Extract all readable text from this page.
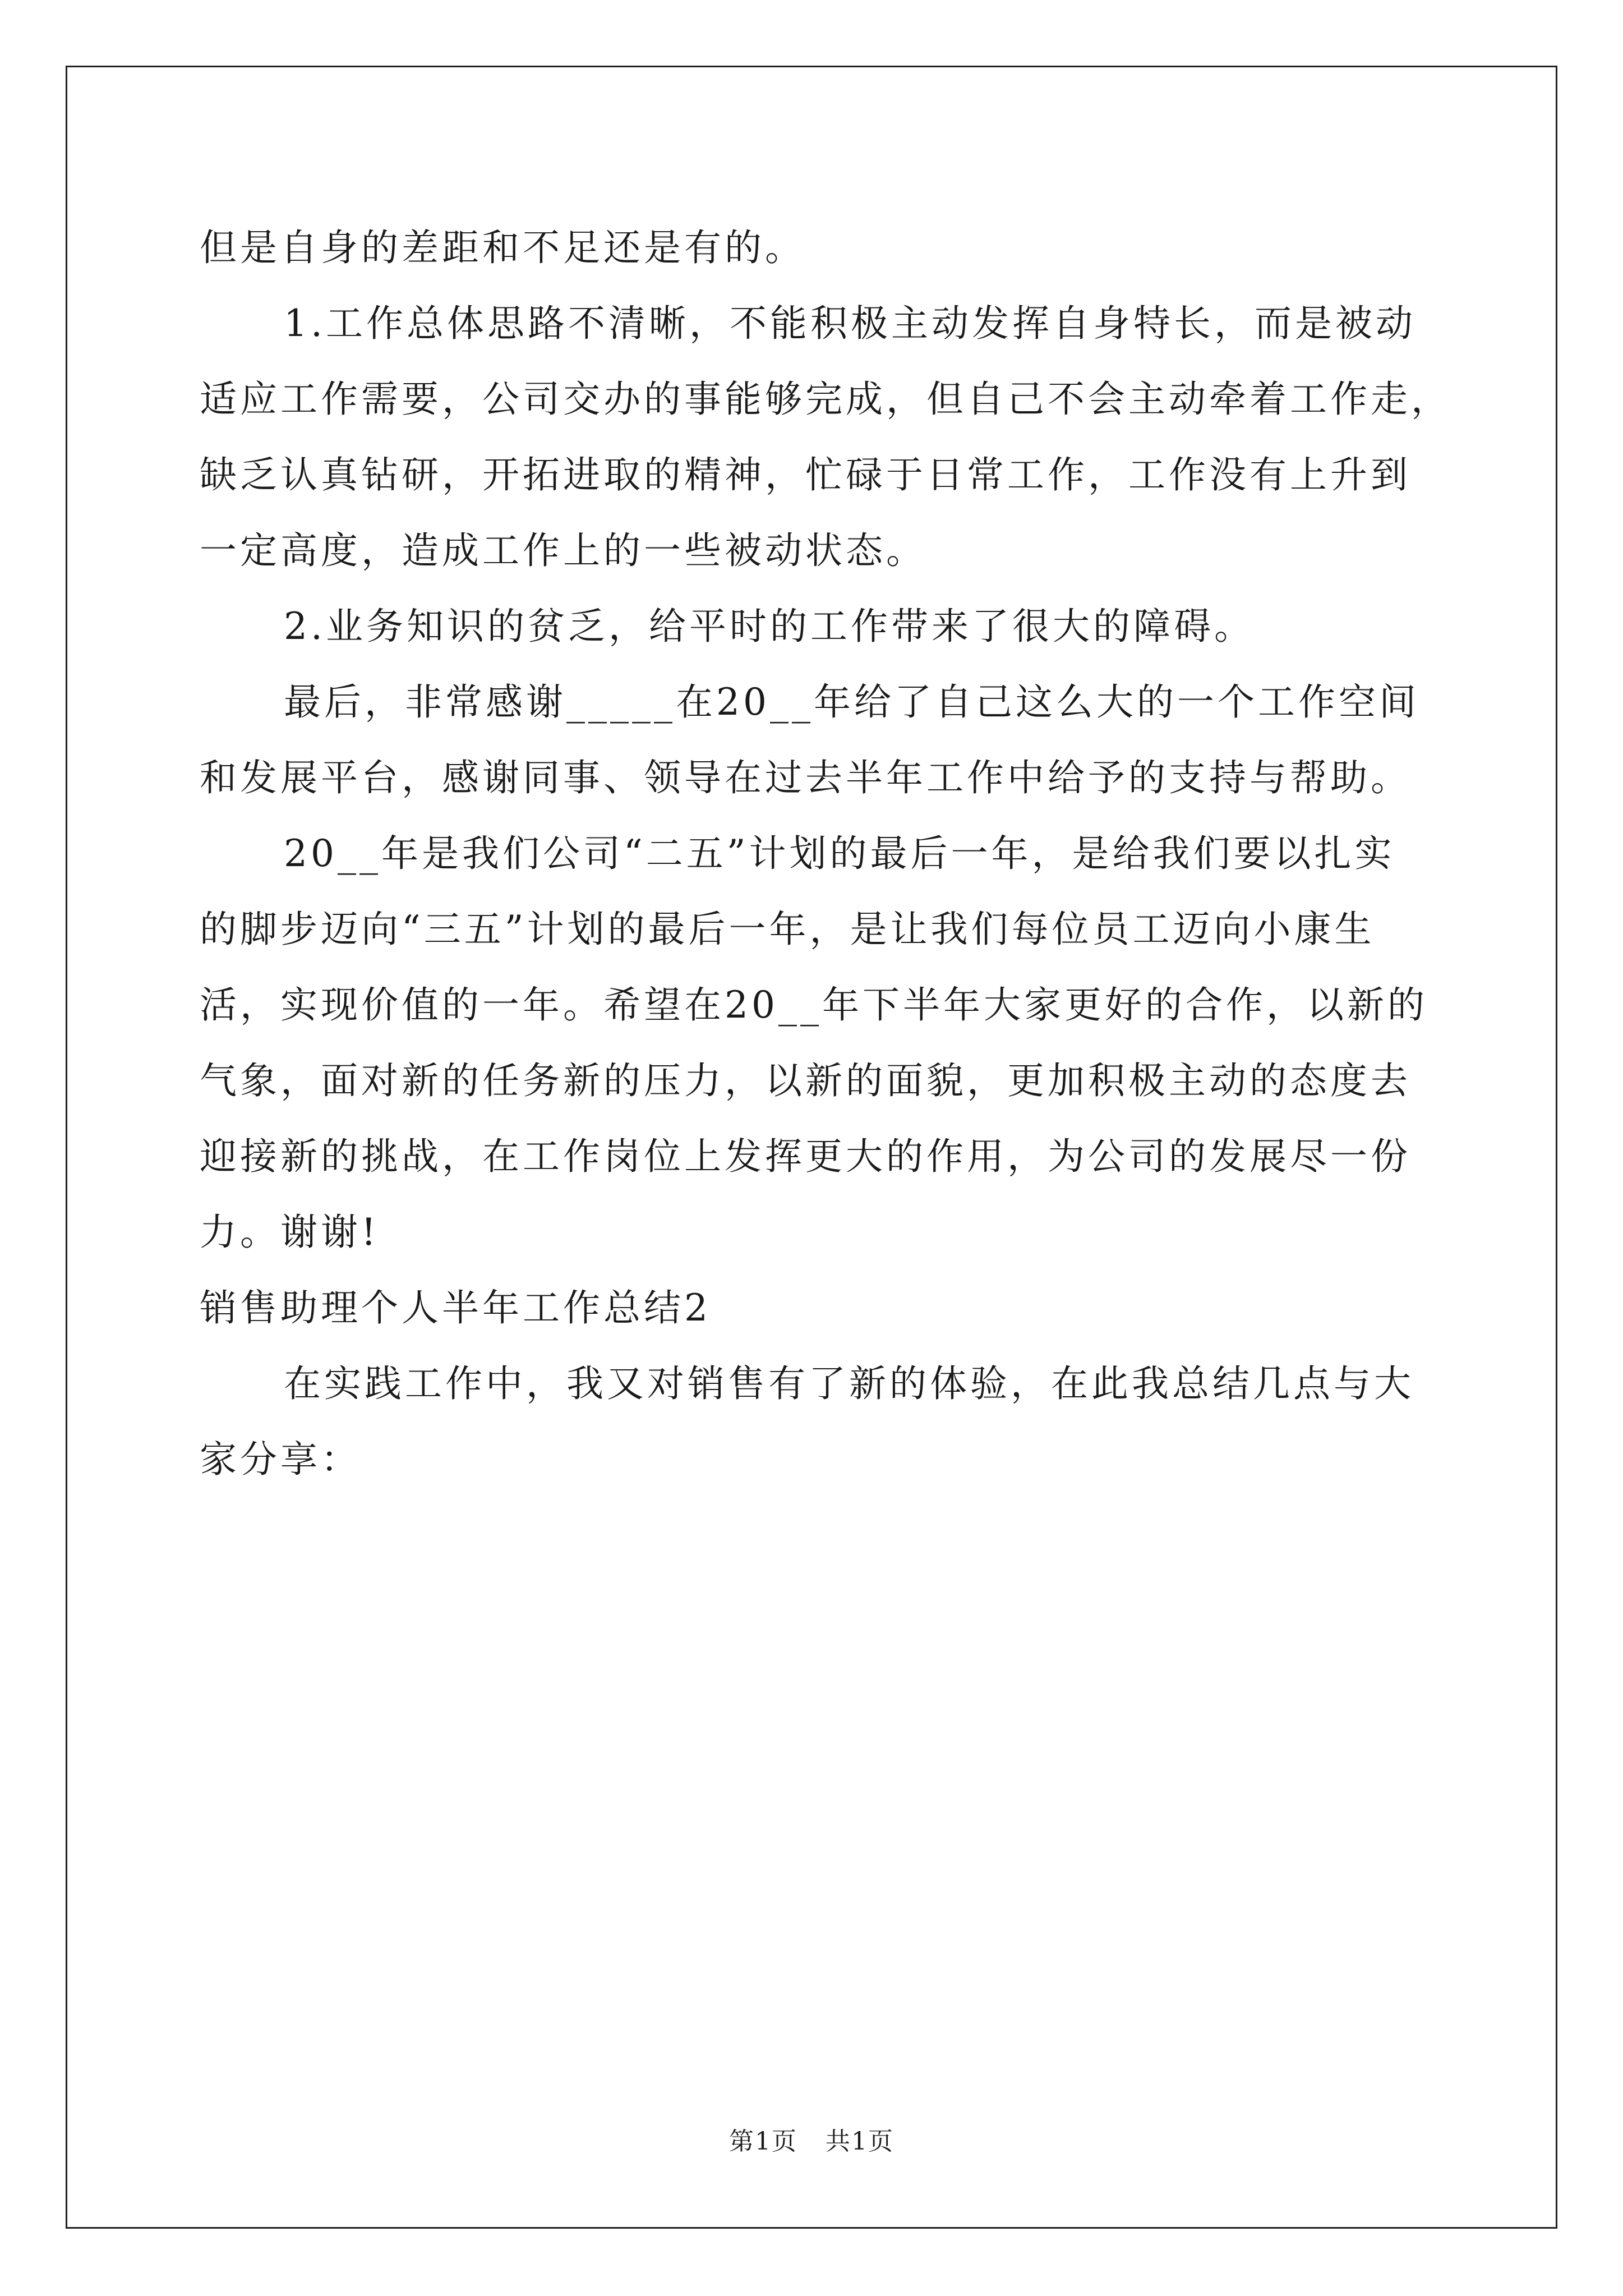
但是自身的差距和不足还是有的。
1.工作总体思路不清晰，不能积极主动发挥自身特长，而是被动
适应工作需要，公司交办的事能够完成，但自己不会主动牵着工作走，
缺乏认真钻研，开拓进取的精神，忙碌于日常工作，工作没有上升到
一定高度，造成工作上的一些被动状态。
2.业务知识的贫乏，给平时的工作带来了很大的障碍。
最后，非常感谢_____在20__年给了自己这么大的一个工作空间
和发展平台，感谢同事、领导在过去半年工作中给予的支持与帮助。
20__年是我们公司“二五”计划的最后一年，是给我们要以扎实
的脚步迈向“三五”计划的最后一年，是让我们每位员工迈向小康生
活，实现价值的一年。希望在20__年下半年大家更好的合作，以新的
气象，面对新的任务新的压力，以新的面貌，更加积极主动的态度去
迎接新的挑战，在工作岗位上发挥更大的作用，为公司的发展尽一份
力。谢谢!
销售助理个人半年工作总结2
在实践工作中，我又对销售有了新的体验，在此我总结几点与大
家分享：
第1页 共1页
